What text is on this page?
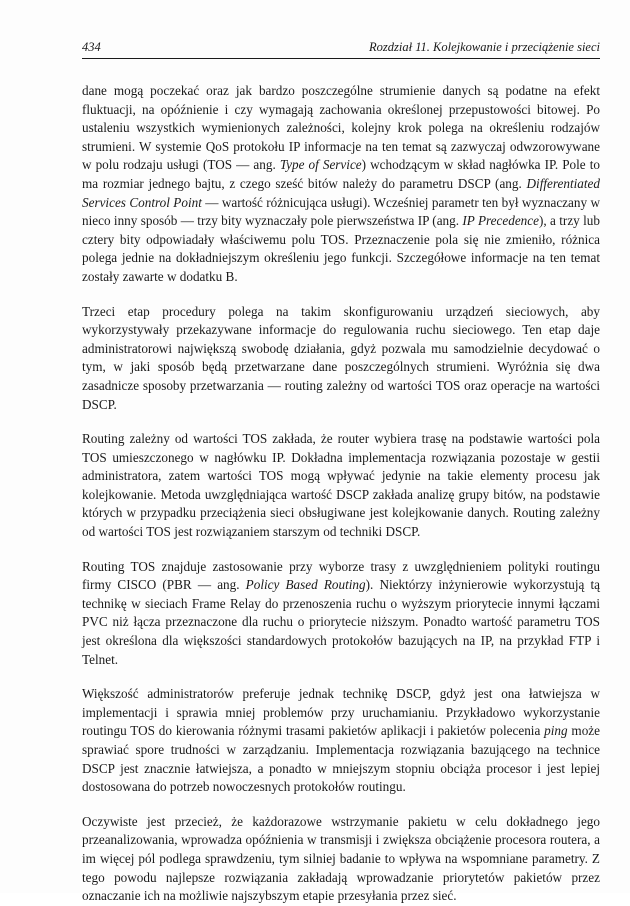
434	Rozdział 11. Kolejkowanie i przeciążenie sieci

dane mogą poczekać oraz jak bardzo poszczególne strumienie danych są podatne na efekt fluktuacji, na opóźnienie i czy wymagają zachowania określonej przepustowości bitowej. Po ustaleniu wszystkich wymienionych zależności, kolejny krok polega na określeniu rodzajów strumieni. W systemie QoS protokołu IP informacje na ten temat są zazwyczaj odwzorowywane w polu rodzaju usługi (TOS — ang. Type of Service) wchodzącym w skład nagłówka IP. Pole to ma rozmiar jednego bajtu, z czego sześć bitów należy do parametru DSCP (ang. Differentiated Services Control Point — wartość różnicująca usługi). Wcześniej parametr ten był wyznaczany w nieco inny sposób — trzy bity wyznaczały pole pierwszeństwa IP (ang. IP Precedence), a trzy lub cztery bity odpowiadały właściwemu polu TOS. Przeznaczenie pola się nie zmieniło, różnica polega jednie na dokładniejszym określeniu jego funkcji. Szczegółowe informacje na ten temat zostały zawarte w dodatku B.

Trzeci etap procedury polega na takim skonfigurowaniu urządzeń sieciowych, aby wykorzystywały przekazywane informacje do regulowania ruchu sieciowego. Ten etap daje administratorowi największą swobodę działania, gdyż pozwala mu samodzielnie decydować o tym, w jaki sposób będą przetwarzane dane poszczególnych strumieni. Wyróżnia się dwa zasadnicze sposoby przetwarzania — routing zależny od wartości TOS oraz operacje na wartości DSCP.

Routing zależny od wartości TOS zakłada, że router wybiera trasę na podstawie wartości pola TOS umieszczonego w nagłówku IP. Dokładna implementacja rozwiązania pozostaje w gestii administratora, zatem wartości TOS mogą wpływać jedynie na takie elementy procesu jak kolejkowanie. Metoda uwzględniająca wartość DSCP zakłada analizę grupy bitów, na podstawie których w przypadku przeciążenia sieci obsługiwane jest kolejkowanie danych. Routing zależny od wartości TOS jest rozwiązaniem starszym od techniki DSCP.

Routing TOS znajduje zastosowanie przy wyborze trasy z uwzględnieniem polityki routingu firmy CISCO (PBR — ang. Policy Based Routing). Niektórzy inżynierowie wykorzystują tą technikę w sieciach Frame Relay do przenoszenia ruchu o wyższym priorytecie innymi łączami PVC niż łącza przeznaczone dla ruchu o priorytecie niższym. Ponadto wartość parametru TOS jest określona dla większości standardowych protokołów bazujących na IP, na przykład FTP i Telnet.

Większość administratorów preferuje jednak technikę DSCP, gdyż jest ona łatwiejsza w implementacji i sprawia mniej problemów przy uruchamianiu. Przykładowo wykorzystanie routingu TOS do kierowania różnymi trasami pakietów aplikacji i pakietów polecenia ping może sprawiać spore trudności w zarządzaniu. Implementacja rozwiązania bazującego na technice DSCP jest znacznie łatwiejsza, a ponadto w mniejszym stopniu obciąża procesor i jest lepiej dostosowana do potrzeb nowoczesnych protokołów routingu.

Oczywiste jest przecież, że każdorazowe wstrzymanie pakietu w celu dokładnego jego przeanalizowania, wprowadza opóźnienia w transmisji i zwiększa obciążenie procesora routera, a im więcej pól podlega sprawdzeniu, tym silniej badanie to wpływa na wspomniane parametry. Z tego powodu najlepsze rozwiązania zakładają wprowadzanie priorytetów pakietów przez oznaczanie ich na możliwie najszybszym etapie przesyłania przez sieć.
